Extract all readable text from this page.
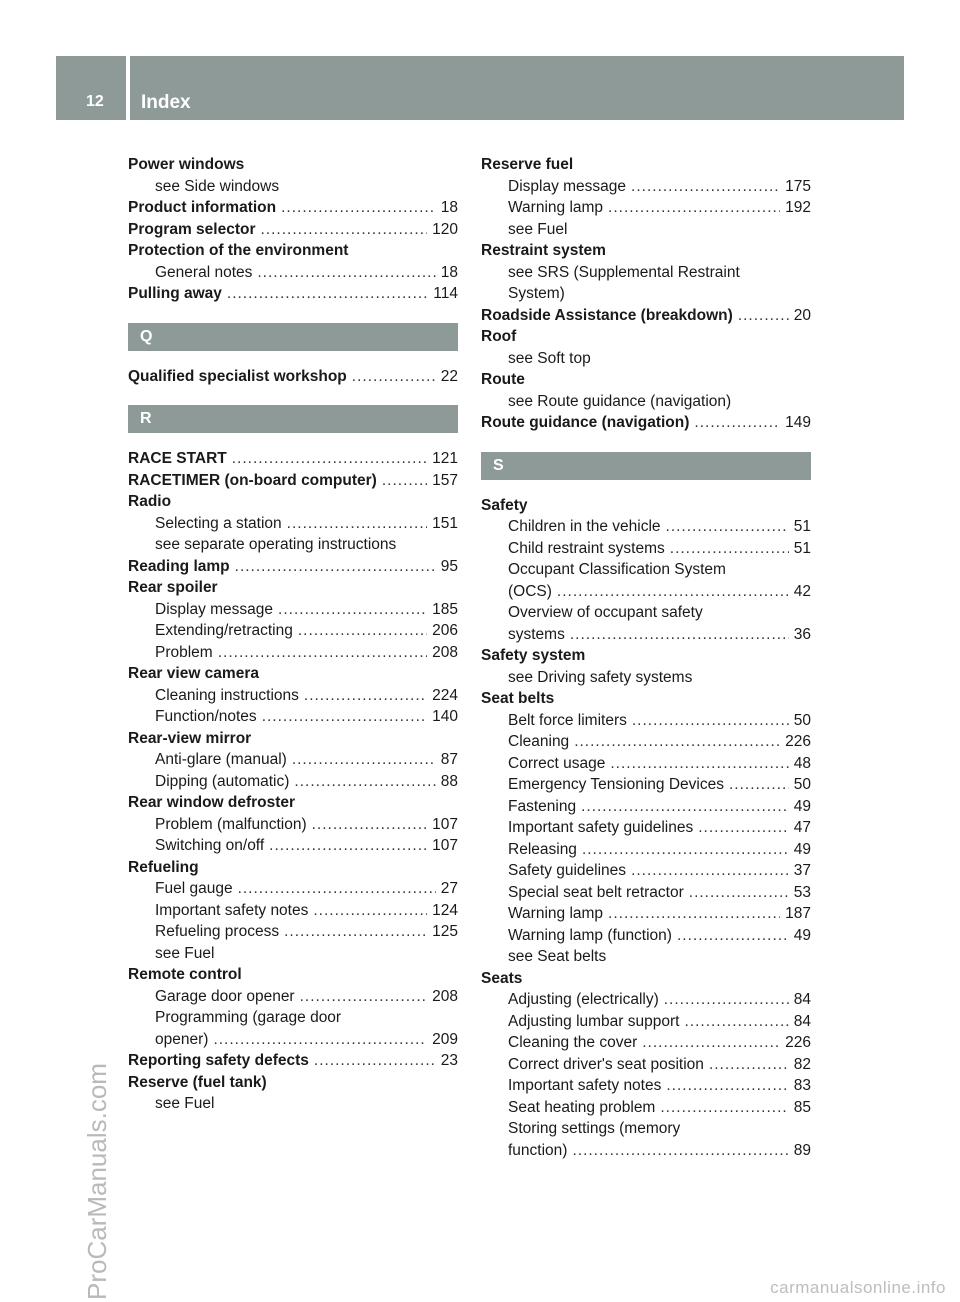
12 Index
Power windows
see Side windows
Product information .....	18
Program selector .....	120
Protection of the environment
General notes .....	18
Pulling away .....	114
Q
Qualified specialist workshop .....	22
R
RACE START .....	121
RACETIMER (on-board computer) .....	157
Radio
Selecting a station .....	151
see separate operating instructions
Reading lamp .....	95
Rear spoiler
Display message .....	185
Extending/retracting .....	206
Problem .....	208
Rear view camera
Cleaning instructions .....	224
Function/notes .....	140
Rear-view mirror
Anti-glare (manual) .....	87
Dipping (automatic) .....	88
Rear window defroster
Problem (malfunction) .....	107
Switching on/off .....	107
Refueling
Fuel gauge .....	27
Important safety notes .....	124
Refueling process .....	125
see Fuel
Remote control
Garage door opener .....	208
Programming (garage door
opener) .....	209
Reporting safety defects .....	23
Reserve (fuel tank)
see Fuel
Reserve fuel
Display message .....	175
Warning lamp .....	192
see Fuel
Restraint system
see SRS (Supplemental Restraint
System)
Roadside Assistance (breakdown) .....	20
Roof
see Soft top
Route
see Route guidance (navigation)
Route guidance (navigation) .....	149
S
Safety
Children in the vehicle .....	51
Child restraint systems .....	51
Occupant Classification System
(OCS) .....	42
Overview of occupant safety
systems .....	36
Safety system
see Driving safety systems
Seat belts
Belt force limiters .....	50
Cleaning .....	226
Correct usage .....	48
Emergency Tensioning Devices .....	50
Fastening .....	49
Important safety guidelines .....	47
Releasing .....	49
Safety guidelines .....	37
Special seat belt retractor .....	53
Warning lamp .....	187
Warning lamp (function) .....	49
see Seat belts
Seats
Adjusting (electrically) .....	84
Adjusting lumbar support .....	84
Cleaning the cover .....	226
Correct driver's seat position .....	82
Important safety notes .....	83
Seat heating problem .....	85
Storing settings (memory
function) .....	89
ProCarManuals.com	carmanualsonline.info
